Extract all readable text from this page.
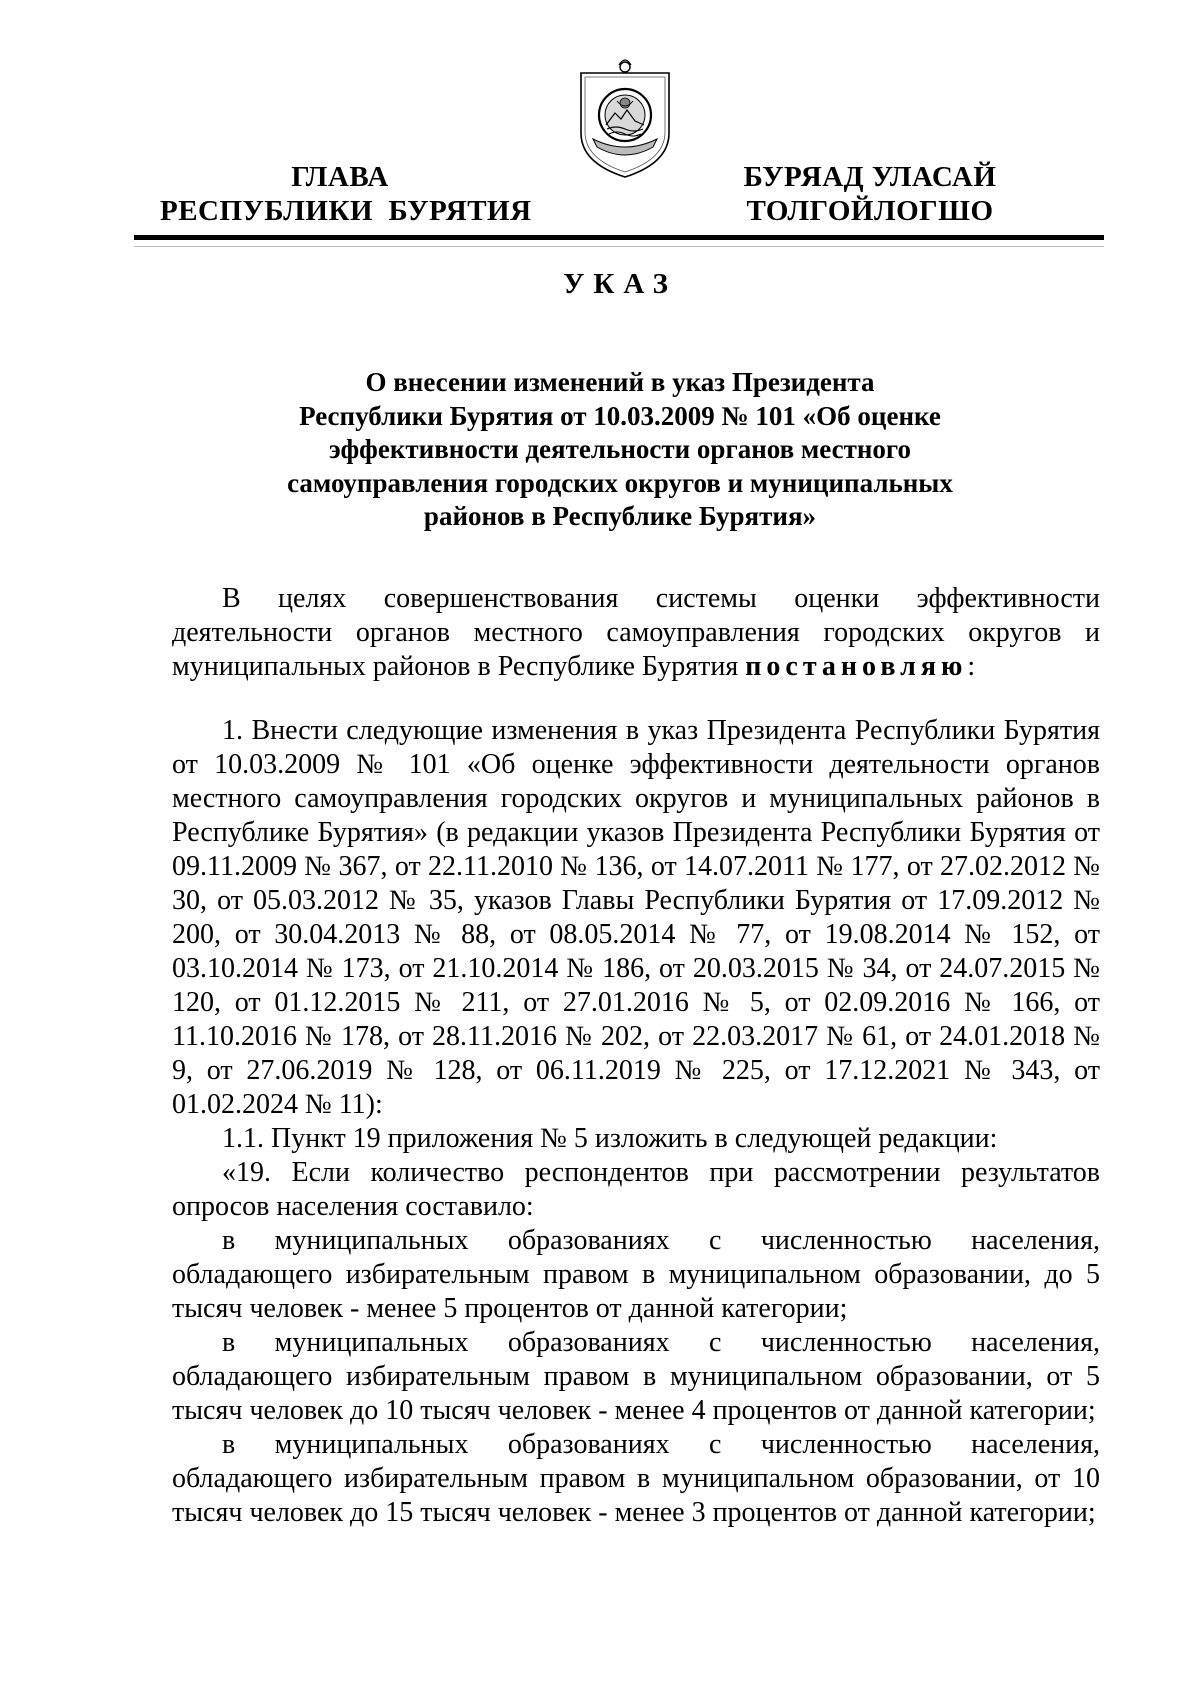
ГЛАВА
РЕСПУБЛИКИ  БУРЯТИЯ
БУРЯАД УЛАСАЙ
ТОЛГОЙЛОГШО
УКАЗ
О внесении изменений в указ Президента
Республики Бурятия от 10.03.2009 № 101 «Об оценке
эффективности деятельности органов местного
самоуправления городских округов и муниципальных
районов в Республике Бурятия»

В целях совершенствования системы оценки эффективности деятельности органов местного самоуправления городских округов и муниципальных районов в Республике Бурятия постановляю:

1. Внести следующие изменения в указ Президента Республики Бурятия от 10.03.2009 № 101 «Об оценке эффективности деятельности органов местного самоуправления городских округов и муниципальных районов в Республике Бурятия» (в редакции указов Президента Республики Бурятия от 09.11.2009 № 367, от 22.11.2010 № 136, от 14.07.2011 № 177, от 27.02.2012 № 30, от 05.03.2012 № 35, указов Главы Республики Бурятия от 17.09.2012 № 200, от 30.04.2013 № 88, от 08.05.2014 № 77, от 19.08.2014 № 152, от 03.10.2014 № 173, от 21.10.2014 № 186, от 20.03.2015 № 34, от 24.07.2015 № 120, от 01.12.2015 № 211, от 27.01.2016 № 5, от 02.09.2016 № 166, от 11.10.2016 № 178, от 28.11.2016 № 202, от 22.03.2017 № 61, от 24.01.2018 № 9, от 27.06.2019 № 128, от 06.11.2019 № 225, от 17.12.2021 № 343, от 01.02.2024 № 11):

1.1. Пункт 19 приложения № 5 изложить в следующей редакции:

«19. Если количество респондентов при рассмотрении результатов опросов населения составило:

в муниципальных образованиях с численностью населения, обладающего избирательным правом в муниципальном образовании, до 5 тысяч человек - менее 5 процентов от данной категории;

в муниципальных образованиях с численностью населения, обладающего избирательным правом в муниципальном образовании, от 5 тысяч человек до 10 тысяч человек - менее 4 процентов от данной категории;

в муниципальных образованиях с численностью населения, обладающего избирательным правом в муниципальном образовании, от 10 тысяч человек до 15 тысяч человек - менее 3 процентов от данной категории;
